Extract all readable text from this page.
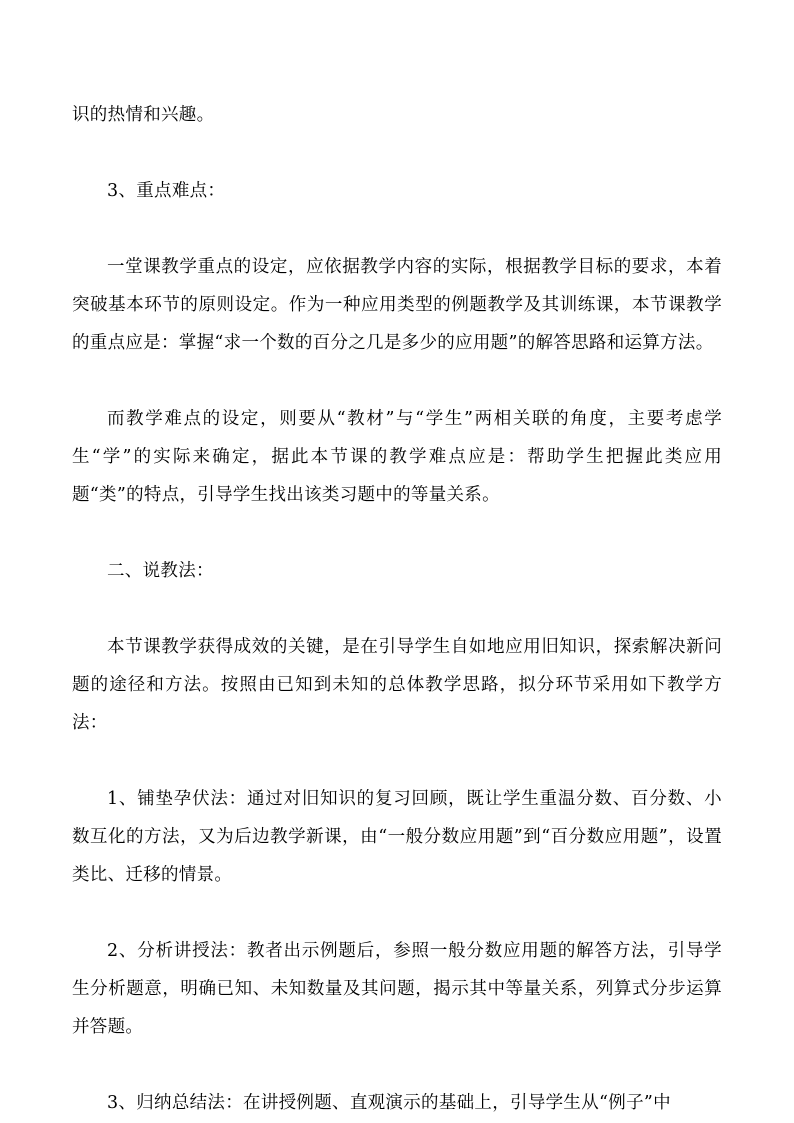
识的热情和兴趣。

3、重点难点：

一堂课教学重点的设定，应依据教学内容的实际，根据教学目标的要求，本着突破基本环节的原则设定。作为一种应用类型的例题教学及其训练课，本节课教学的重点应是：掌握“求一个数的百分之几是多少的应用题”的解答思路和运算方法。

而教学难点的设定，则要从“教材”与“学生”两相关联的角度，主要考虑学生“学”的实际来确定，据此本节课的教学难点应是：帮助学生把握此类应用题“类”的特点，引导学生找出该类习题中的等量关系。

二、说教法：

本节课教学获得成效的关键，是在引导学生自如地应用旧知识，探索解决新问题的途径和方法。按照由已知到未知的总体教学思路，拟分环节采用如下教学方法：

1、铺垫孕伏法：通过对旧知识的复习回顾，既让学生重温分数、百分数、小数互化的方法，又为后边教学新课，由“一般分数应用题”到“百分数应用题”，设置类比、迁移的情景。

2、分析讲授法：教者出示例题后，参照一般分数应用题的解答方法，引导学生分析题意，明确已知、未知数量及其问题，揭示其中等量关系，列算式分步运算并答题。

3、归纳总结法：在讲授例题、直观演示的基础上，引导学生从“例子”中
